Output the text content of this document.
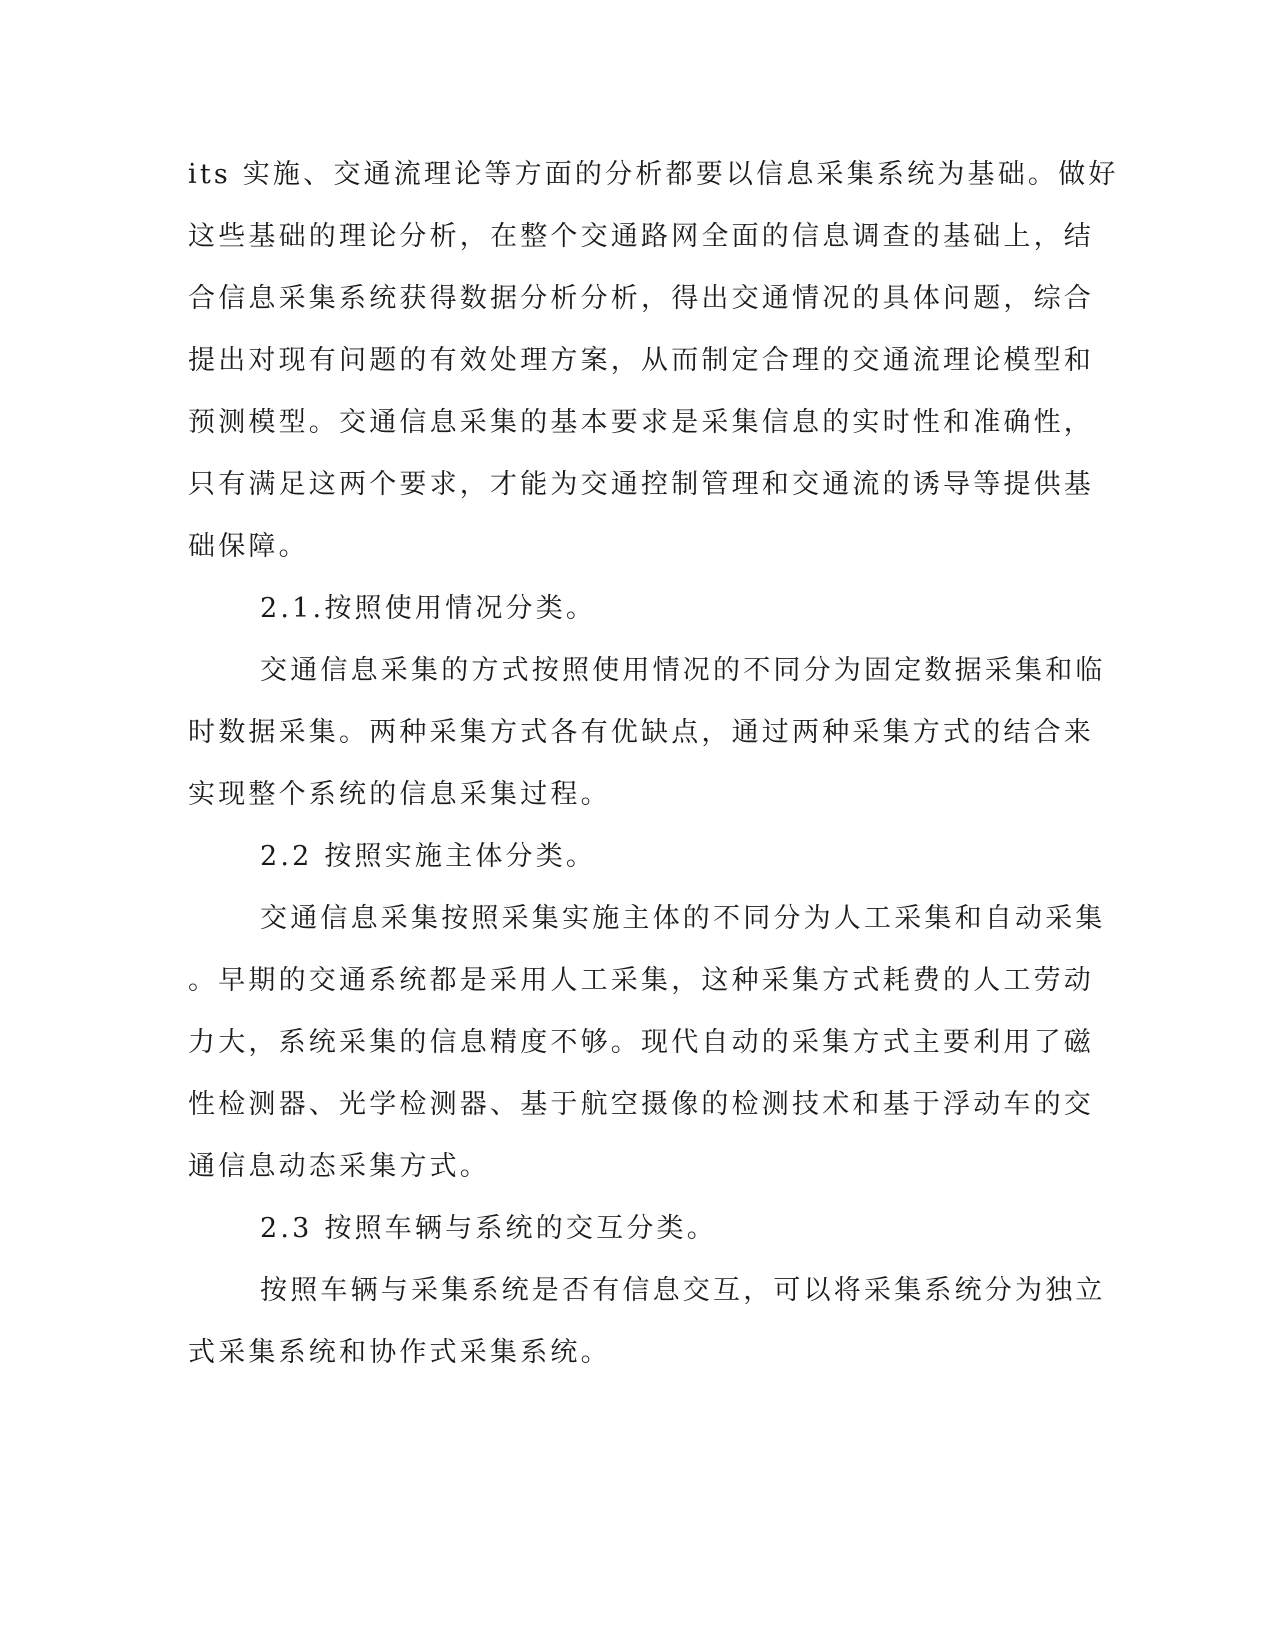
its 实施、交通流理论等方面的分析都要以信息采集系统为基础。做好
这些基础的理论分析，在整个交通路网全面的信息调查的基础上，结
合信息采集系统获得数据分析分析，得出交通情况的具体问题，综合
提出对现有问题的有效处理方案，从而制定合理的交通流理论模型和
预测模型。交通信息采集的基本要求是采集信息的实时性和准确性，
只有满足这两个要求，才能为交通控制管理和交通流的诱导等提供基
础保障。
2.1.按照使用情况分类。
交通信息采集的方式按照使用情况的不同分为固定数据采集和临
时数据采集。两种采集方式各有优缺点，通过两种采集方式的结合来
实现整个系统的信息采集过程。
2.2 按照实施主体分类。
交通信息采集按照采集实施主体的不同分为人工采集和自动采集
。早期的交通系统都是采用人工采集，这种采集方式耗费的人工劳动
力大，系统采集的信息精度不够。现代自动的采集方式主要利用了磁
性检测器、光学检测器、基于航空摄像的检测技术和基于浮动车的交
通信息动态采集方式。
2.3 按照车辆与系统的交互分类。
按照车辆与采集系统是否有信息交互，可以将采集系统分为独立
式采集系统和协作式采集系统。
